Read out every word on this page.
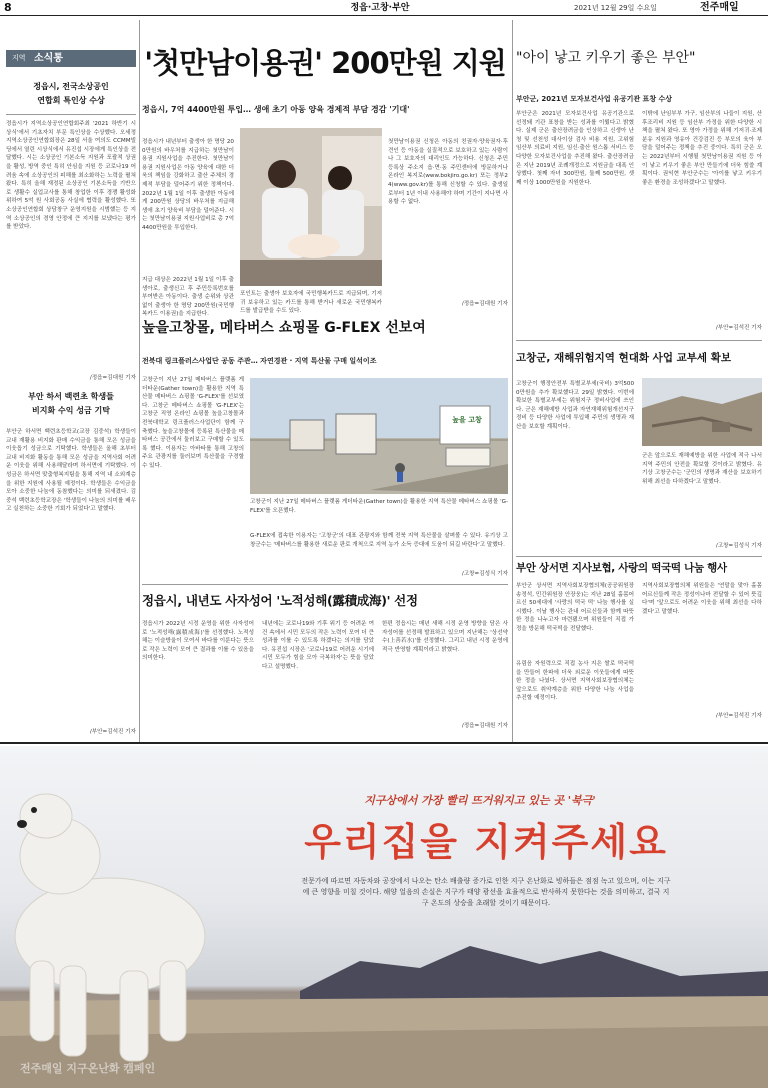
8	정읍·고창·부안	2021년 12월 29일 수요일	전주매일
지역 소식통
정읍시, 전국소상공인
연합회 특인상 수상
정읍시가 지역소상공인연합회주최 '2021 하반기 시상식'에서 기초자치 부문 특인상을 수상했다. 오세정 지역소상공인연합회장은 28일 서울 여의도 CCMM빌딩에서 열린 시상식에서 유진섭 시장에게 특인상을 전달했다. 시는 소상공인 기본소득 지원과 포괄적 상권을 활성, 방역 중인 특히 안심을 지원 등 코로나19 어려움 속에 소상공인의 피해를 최소화하는 노력을 펼쳐왔다. 특히 올해 재정된 소상공인 기본소득을 기반으로 생활수 실업교사를 통해 창업한 이후 경쟁 활성화 위하여 5억 원 사회공동 사실에 협력을 활성했다. 또 소상공인연합회 상담창구 운영지원을 시범했는 등 지역 소상공인의 경영 안정에 큰 지지를 보냈다는 평가를 받았다.
/정읍=김대원 기자
부안 하서 백련초 학생들
비지화 수익 성금 기탁
부안군 하서면 백련초등학교(교장 김중석) 학생들이 교내 재활용 비지화 판매 수익금을 통해 모은 성금을 이웃돕기 성금으로 기탁했다. 학생들은 올해 초부터 교내 비지화 활동을 통해 모은 성금을 지역사회 어려운 이웃을 위해 사용해달라며 하서면에 기탁했다. 이 성금은 하서면 맞춤형복지팀을 통해 지역 내 소외계층을 위한 지원에 사용될 예정이다. 학생들은 수익금을 모아 소중한 나눔에 동참했다는 의미를 되새겼다. 김중석 백련초등학교장은 '학생들이 나눔의 의미를 배우고 실천하는 소중한 기회가 되었다'고 말했다.
/부안=김석진 기자
'첫만남이용권' 200만원 지원
정읍시, 7억 4400만원 투입… 생애 초기 아동 양육 경제적 부담 경감 '기대'
정읍시가 내년부터 출생아 한 명당 200만원의 바우처를 지급하는 첫만남이용권 지원사업을 추진한다. 첫만남이용권 지원사업은 아동 양육에 대한 더욱의 책임을 강화하고 출산 주체의 경제적 부담을 덜어주기 위한 정책이다. 2022년 1월 1일 이후 출생한 아동에게 200만원 상당의 바우처를 지급해 생애 초기 양육비 부담을 덜어준다. 시는 첫만남이용권 지원사업비로 총 7억 4400만원을 투입한다.
포인트는 출생아 보호자에 국민행복카드로 지급되며, 기저귀 보유하고 있는 카드를 통해 받거나 새로운 국민행복카드를 발급받을 수도 있다.
첫만남이용권 신청은 아동의 친권자·양육권자·후견인 등 아동을 실질적으로 보호하고 있는 사람이나 그 보호자의 대리인도 가능하다. 신청은 주민등록상 주소지 읍·면·동 주민센터에 방문하거나 온라인 복지로(www.bokjiro.go.kr) 또는 정부24(www.gov.kr)를 통해 신청할 수 있다. 출생일로부터 1년 이내 사용해야 하며 기간이 지나면 사용할 수 없다.
지급 대상은 2022년 1월 1일 이후 출생아로, 출생신고 후 주민등록번호를 부여받은 아동이다. 출생 순위와 상관없이 출생아 한 명당 200만원(국민행복카드 이용권)을 지급한다.
/정읍=김대원 기자
높을고창몰, 메타버스 쇼핑몰 G-FLEX 선보여
전북대 링크플러스사업단 공동 주관… 자연경관 · 지역 특산물 구매 일석이조
고창군이 지난 27일 메타버스 플랫폼 게더타운(Gather town)을 활용한 지역 특산물 메타버스 쇼핑몰 'G-FLEX'를 선보였다. 고창군 메타버스 쇼핑몰 'G-FLEX'는 고창군 직영 온라인 쇼핑몰 높을고창몰과 전북대학교 링크플러스사업단이 함께 구축했다. 높을고창몰에 등록된 특산물을 메타버스 공간에서 둘러보고 구매할 수 있도록 했다. 이용자는 아바타를 통해 고창의 주요 관광지를 둘러보며 특산물을 구경할 수 있다.
높을 고창
고창군이 지난 27일 메타버스 플랫폼 게더타운(Gather town)을 활용한 지역 특산물 메타버스 쇼핑몰 'G-FLEX'를 오픈했다.
G-FLEX에 접속한 이용자는 '고창군'의 대표 관광지와 함께 전북 지역 특산물을 살펴볼 수 있다. 유기상 고창군수는 '메타버스를 활용한 새로운 판로 개척으로 지역 농가 소득 증대에 도움이 되길 바란다'고 말했다.
/고창=김성식 기자
정읍시, 내년도 사자성어 '노적성해(露積成海)' 선정
정읍시가 2022년 시정 운영을 위한 사자성어로 '노적성해(露積成海)'를 선정했다. 노적성해는 이슬방울이 모여서 바다를 이룬다는 뜻으로 작은 노력이 모여 큰 결과를 이룰 수 있음을 의미한다.
내년에는 코로나19와 기후 위기 등 어려운 여건 속에서 시민 모두의 작은 노력이 모여 더 큰 성과를 이룰 수 있도록 하겠다는 의지를 담았다. 유진섭 시장은 '코로나19로 어려운 시기에 시민 모두가 힘을 모아 극복하자'는 뜻을 담았다고 설명했다.
한편 정읍시는 매년 새해 시정 운영 방향을 담은 사자성어를 선정해 발표하고 있으며 지난해는 '상선약수(上善若水)'를 선정했다. 그리고 내년 시정 운영에 적극 반영할 계획이라고 밝혔다.
/정읍=김대원 기자
"아이 낳고 키우기 좋은 부안"
부안군, 2021년 모자보건사업 유공기관 표창 수상
부안군은 2021년 모자보건사업 유공기관으로 선정돼 기관 표창을 받는 성과를 이뤘다고 밝혔다. 실제 군은 출산장려금을 인상하고 신생아 난청 및 선천성 대사이상 검사 비용 지원, 고위험 임산부 의료비 지원, 임신·출산 원스톱 서비스 등 다양한 모자보건사업을 추진해 왔다. 출산장려금은 지난 2019년 조례개정으로 지원금을 대폭 인상했다. 첫째 자녀 300만원, 둘째 500만원, 셋째 이상 1000만원을 지원한다.
이밖에 난임부부 가구, 임산부의 나들이 지원, 산후조리비 지원 등 임산부 가정을 위한 다양한 시책을 펼쳐 왔다. 또 영아 가정을 위해 기저귀·조제분유 지원과 영유아 건강검진 등 부모의 육아 부담을 덜어주는 정책을 추진 중이다. 특히 군은 오는 2022년부터 시행될 첫만남이용권 지원 등 아이 낳고 키우기 좋은 부안 만들기에 더욱 힘쓸 계획이다. 권익현 부안군수는 '아이를 낳고 키우기 좋은 환경을 조성하겠다'고 말했다.
/부안=김석진 기자
고창군, 재해위험지역 현대화 사업 교부세 확보
고창군이 행정안전부 특별교부세(국비) 3억5000만원을 추가 확보했다고 29일 밝혔다. 이번에 확보한 특별교부세는 위험지구 정비사업에 쓰인다. 군은 재해예방 사업과 자연재해위험개선지구 정비 등 다양한 사업에 투입해 주민의 생명과 재산을 보호할 계획이다.
군은 앞으로도 재해예방을 위한 사업에 적극 나서 지역 주민의 안전을 확보할 것이라고 밝혔다. 유기상 고창군수는 '군민의 생명과 재산을 보호하기 위해 최선을 다하겠다'고 말했다.
/고창=김성식 기자
부안 상서면 지사보협, 사랑의 떡국떡 나눔 행사
부안군 상서면 지역사회보장협의체(공공위원장 송정석, 민간위원장 안장웅)는 지난 28일 홀몸어르신 50세대에 '사랑의 떡국 떡' 나눔 행사를 실시했다. 이날 행사는 관내 어르신들과 함께 따뜻한 정을 나누고자 마련됐으며 위원들이 직접 가정을 방문해 떡국떡을 전달했다.
유림음 자원력으로 직접 농사 지은 쌀로 떡국떡을 만들어 한파에 더욱 외로운 이웃들에게 따뜻한 정을 나눴다. 상서면 지역사회보장협의체는 앞으로도 취약계층을 위한 다양한 나눔 사업을 추진할 예정이다.
지역사회보장협의체 위원들은 '연말을 맞아 홀몸어르신들께 작은 정성이나마 전달할 수 있어 뜻깊다'며 '앞으로도 어려운 이웃을 위해 최선을 다하겠다'고 말했다.
/부안=김석진 기자
지구상에서 가장 빨리 뜨거워지고 있는 곳 '북극'
우리집을 지켜주세요
전문가에 따르면 자동차와 공장에서 나오는 탄소 배출량 증가로 인한 지구 온난화로 빙하들은 점점 녹고 있으며, 이는 지구에 큰 영향을 미칠 것이다. 해양 얼음의 손실은 지구가 태양 광선을 효율적으로 반사하지 못한다는 것을 의미하고, 결국 지구 온도의 상승을 초래할 것이기 때문이다.
전주매일 지구온난화 캠페인
